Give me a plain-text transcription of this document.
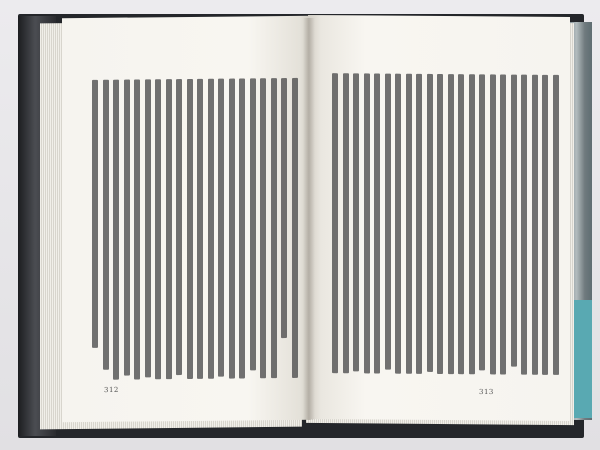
312	313
